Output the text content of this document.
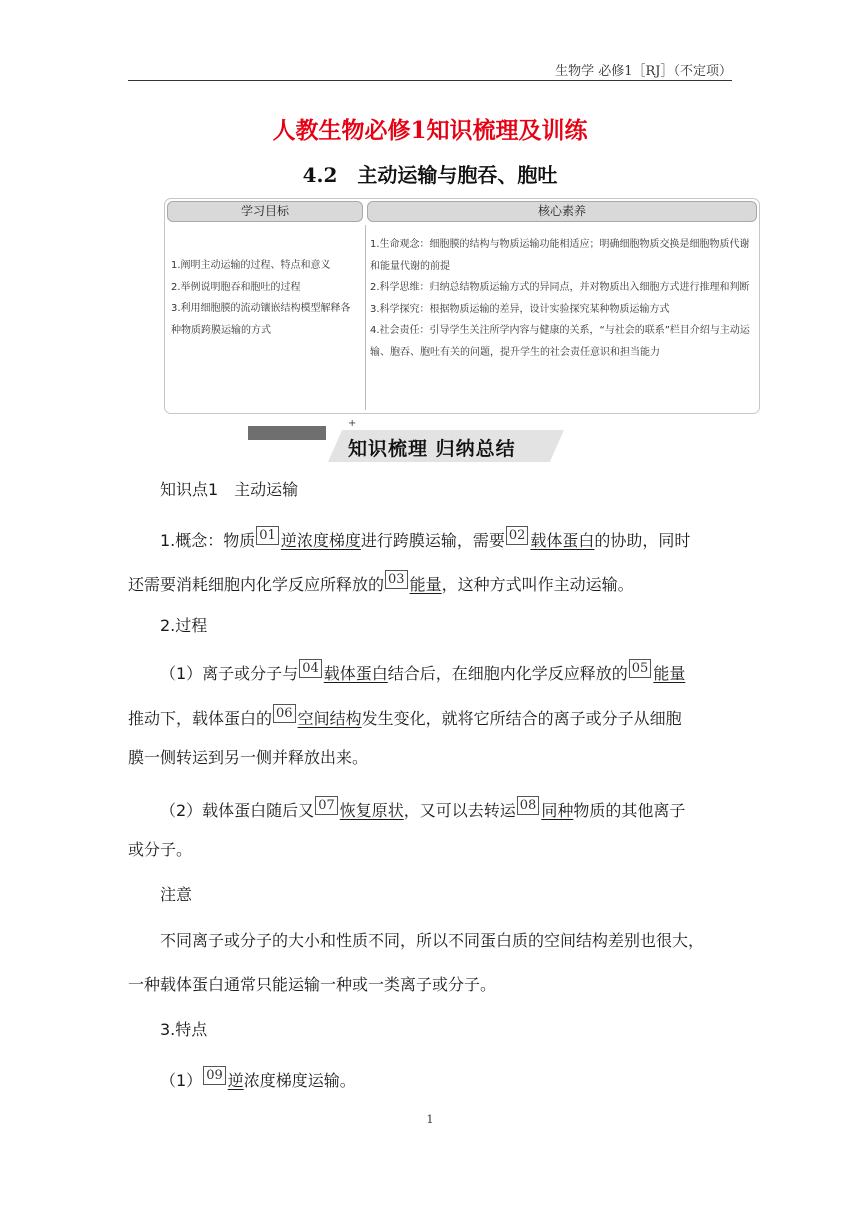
生物学 必修1［RJ］（不定项）
人教生物必修1知识梳理及训练
4.2　主动运输与胞吞、胞吐
学习目标	核心素养

1.阐明主动运输的过程、特点和意义

2.举例说明胞吞和胞吐的过程

3.利用细胞膜的流动镶嵌结构模型解释各种物质跨膜运输的方式

1.生命观念：细胞膜的结构与物质运输功能相适应；明确细胞物质交换是细胞物质代谢和能量代谢的前提

2.科学思维：归纳总结物质运输方式的异同点，并对物质出入细胞方式进行推理和判断

3.科学探究：根据物质运输的差异，设计实验探究某种物质运输方式

4.社会责任：引导学生关注所学内容与健康的关系，“与社会的联系”栏目介绍与主动运输、胞吞、胞吐有关的问题，提升学生的社会责任意识和担当能力

+
知识梳理 归纳总结
知识点1　主动运输
1.概念：物质 01 逆浓度梯度进行跨膜运输，需要 02 载体蛋白的协助，同时
还需要消耗细胞内化学反应所释放的 03 能量，这种方式叫作主动运输。
2.过程
（1）离子或分子与 04 载体蛋白结合后，在细胞内化学反应释放的 05 能量
推动下，载体蛋白的 06 空间结构发生变化，就将它所结合的离子或分子从细胞
膜一侧转运到另一侧并释放出来。
（2）载体蛋白随后又 07 恢复原状，又可以去转运 08 同种物质的其他离子
或分子。
注意
不同离子或分子的大小和性质不同，所以不同蛋白质的空间结构差别也很大，
一种载体蛋白通常只能运输一种或一类离子或分子。
3.特点
（1） 09 逆浓度梯度运输。
1
